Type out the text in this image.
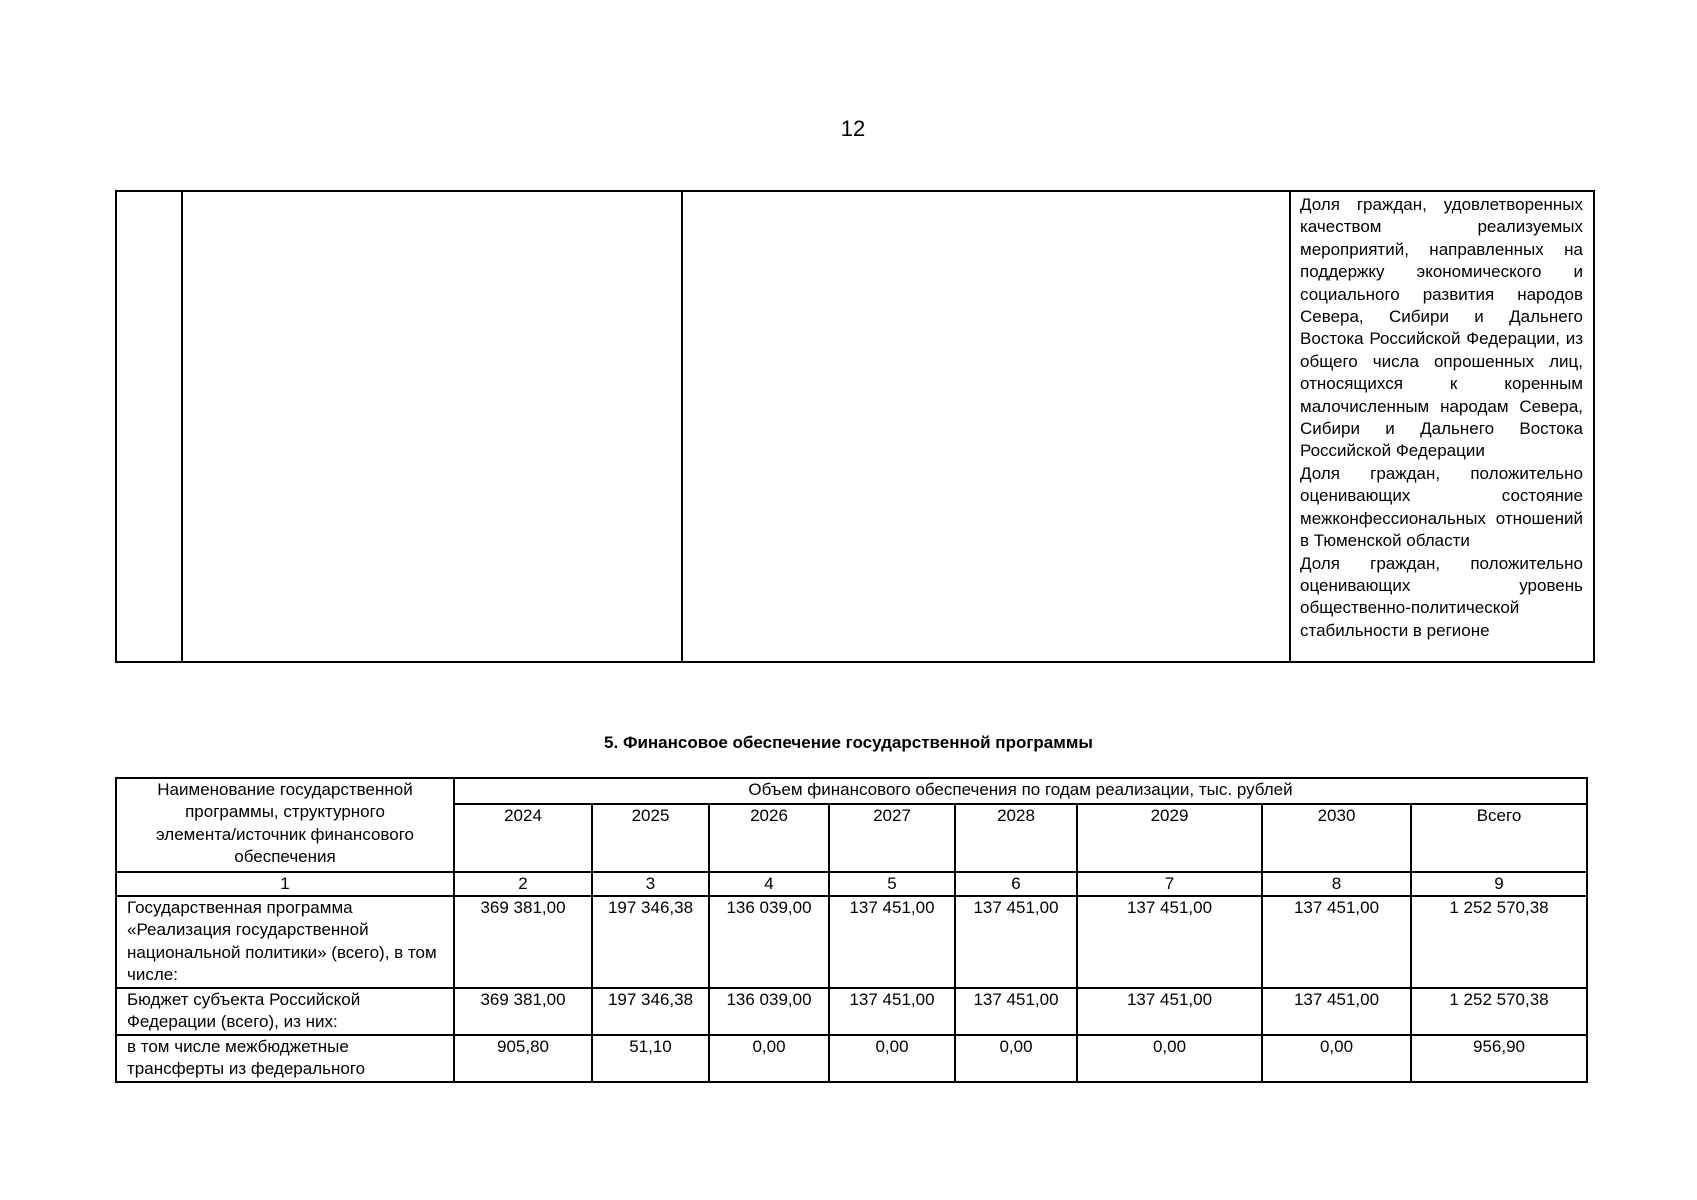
12

Доля граждан, удовлетворенных качеством реализуемых мероприятий, направленных на поддержку экономического и социального развития народов Севера, Сибири и Дальнего Востока Российской Федерации, из общего числа опрошенных лиц, относящихся к коренным малочисленным народам Севера, Сибири и Дальнего Востока Российской Федерации
Доля граждан, положительно оценивающих состояние межконфессиональных отношений в Тюменской области
Доля граждан, положительно оценивающих уровень общественно-политической стабильности в регионе
5. Финансовое обеспечение государственной программы
Наименование государственной программы, структурного элемента/источник финансового обеспечения	Объем финансового обеспечения по годам реализации, тыс. рублей							
	2024	2025	2026	2027	2028	2029	2030	Всего
1	2	3	4	5	6	7	8	9
Государственная программа «Реализация государственной национальной политики» (всего), в том числе:	369 381,00	197 346,38	136 039,00	137 451,00	137 451,00	137 451,00	137 451,00	1 252 570,38
Бюджет субъекта Российской Федерации (всего), из них:	369 381,00	197 346,38	136 039,00	137 451,00	137 451,00	137 451,00	137 451,00	1 252 570,38
в том числе межбюджетные трансферты из федерального	905,80	51,10	0,00	0,00	0,00	0,00	0,00	956,90
